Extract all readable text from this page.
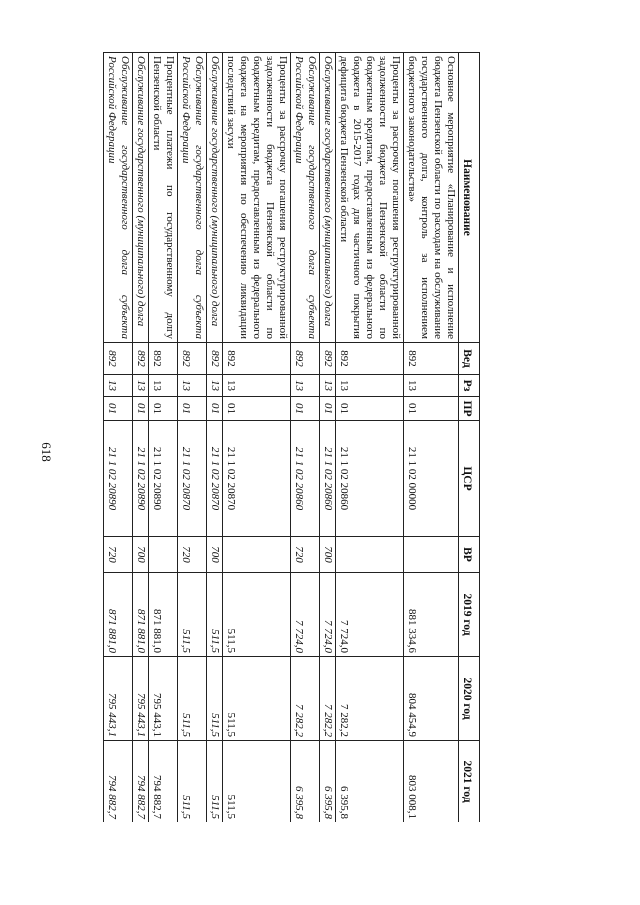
618
Наименование	Вед	Рз	ПР	ЦСР	ВР	2019 год	2020 год	2021 год
Основное мероприятие «Планирование и исполнение бюджета Пензенской области по расходам на обслуживание государственного долга, контроль за исполнением бюджетного законодательства»	892	13	01	21 1 02 00000		881 334,6	804 454,9	803 008,1
Проценты за рассрочку погашения реструктурированной задолженности бюджета Пензенской области по бюджетным кредитам, предоставленным из федерального бюджета в 2015-2017 годах для частичного покрытия дефицита бюджета Пензенской области	892	13	01	21 1 02 20860		7 724,0	7 282,2	6 395,8
Обслуживание государственного (муниципального) долга	892	13	01	21 1 02 20860	700	7 724,0	7 282,2	6 395,8
Обслуживание государственного долга субъекта Российской Федерации	892	13	01	21 1 02 20860	720	7 724,0	7 282,2	6 395,8
Проценты за рассрочку погашения реструктурированной задолженности бюджета Пензенской области по бюджетным кредитам, предоставленным из федерального бюджета на мероприятия по обеспечению ликвидации последствий засухи	892	13	01	21 1 02 20870		511,5	511,5	511,5
Обслуживание государственного (муниципального) долга	892	13	01	21 1 02 20870	700	511,5	511,5	511,5
Обслуживание государственного долга субъекта Российской Федерации	892	13	01	21 1 02 20870	720	511,5	511,5	511,5
Процентные платежи по государственному долгу Пензенской области	892	13	01	21 1 02 20890		871 881,0	795 443,1	794 882,7
Обслуживание государственного (муниципального) долга	892	13	01	21 1 02 20890	700	871 881,0	795 443,1	794 882,7
Обслуживание государственного долга субъекта Российской Федерации	892	13	01	21 1 02 20890	720	871 881,0	795 443,1	794 882,7
